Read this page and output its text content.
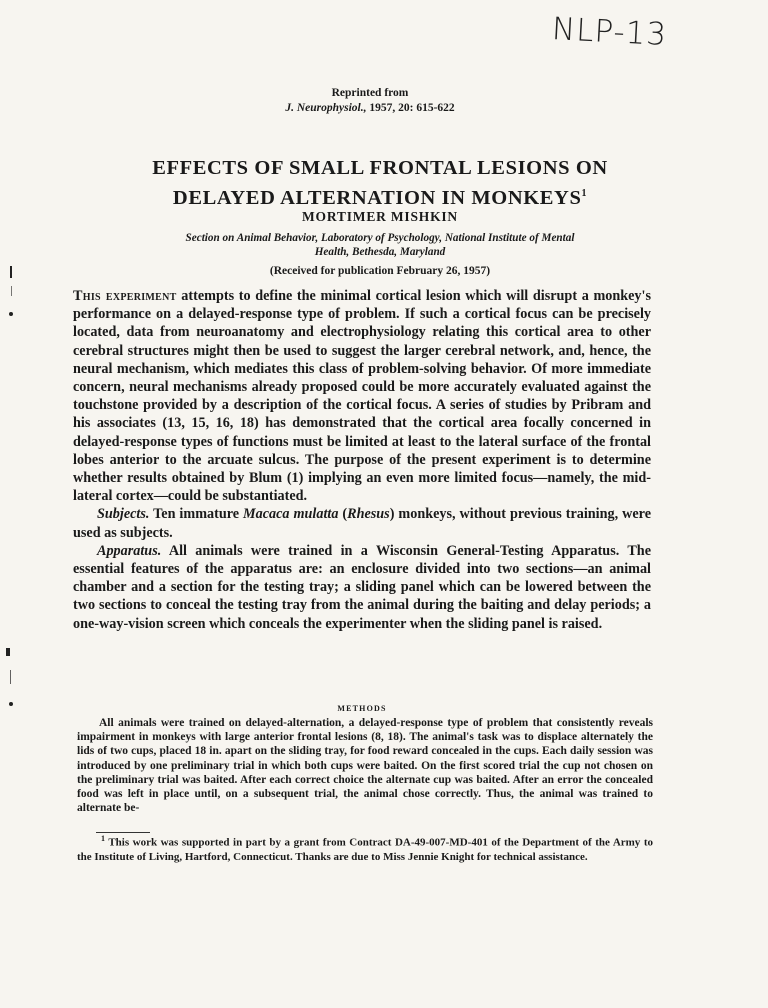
NLP-13
Reprinted from
J. Neurophysiol., 1957, 20: 615-622
EFFECTS OF SMALL FRONTAL LESIONS ON
DELAYED ALTERNATION IN MONKEYS$^1$
MORTIMER MISHKIN
Section on Animal Behavior, Laboratory of Psychology, National Institute of Mental
Health, Bethesda, Maryland
(Received for publication February 26, 1957)

This experiment attempts to define the minimal cortical lesion which will disrupt a monkey's performance on a delayed-response type of problem. If such a cortical focus can be precisely located, data from neuroanatomy and electrophysiology relating this cortical area to other cerebral structures might then be used to suggest the larger cerebral network, and, hence, the neural mechanism, which mediates this class of problem-solving behavior. Of more immediate concern, neural mechanisms already proposed could be more accurately evaluated against the touchstone provided by a description of the cortical focus. A series of studies by Pribram and his associates (13, 15, 16, 18) has demonstrated that the cortical area focally concerned in delayed-response types of functions must be limited at least to the lateral surface of the frontal lobes anterior to the arcuate sulcus. The purpose of the present experiment is to determine whether results obtained by Blum (1) implying an even more limited focus—namely, the mid-lateral cortex—could be substantiated.

Subjects. Ten immature Macaca mulatta (Rhesus) monkeys, without previous training, were used as subjects.

Apparatus. All animals were trained in a Wisconsin General-Testing Apparatus. The essential features of the apparatus are: an enclosure divided into two sections—an animal chamber and a section for the testing tray; a sliding panel which can be lowered between the two sections to conceal the testing tray from the animal during the baiting and delay periods; a one-way-vision screen which conceals the experimenter when the sliding panel is raised.

METHODS

All animals were trained on delayed-alternation, a delayed-response type of problem that consistently reveals impairment in monkeys with large anterior frontal lesions (8, 18). The animal's task was to displace alternately the lids of two cups, placed 18 in. apart on the sliding tray, for food reward concealed in the cups. Each daily session was introduced by one preliminary trial in which both cups were baited. On the first scored trial the cup not chosen on the preliminary trial was baited. After each correct choice the alternate cup was baited. After an error the concealed food was left in place until, on a subsequent trial, the animal chose correctly. Thus, the animal was trained to alternate be-

$^1$ This work was supported in part by a grant from Contract DA-49-007-MD-401 of the Department of the Army to the Institute of Living, Hartford, Connecticut. Thanks are due to Miss Jennie Knight for technical assistance.
